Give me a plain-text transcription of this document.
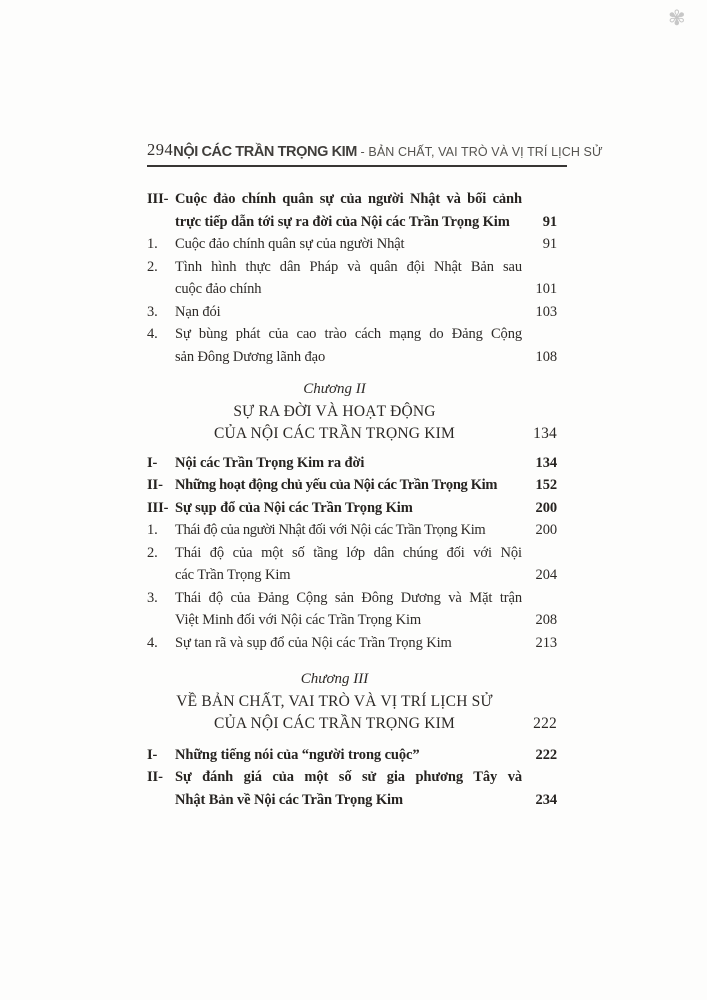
✾
294 NỘI CÁC TRẦN TRỌNG KIM - BẢN CHẤT, VAI TRÒ VÀ VỊ TRÍ LỊCH SỬ
III- Cuộc đảo chính quân sự của người Nhật và bối cảnh
trực tiếp dẫn tới sự ra đời của Nội các Trần Trọng Kim	91
1.	Cuộc đảo chính quân sự của người Nhật	91
2.	Tình hình thực dân Pháp và quân đội Nhật Bản sau
cuộc đảo chính	101
3.	Nạn đói	103
4.	Sự bùng phát của cao trào cách mạng do Đảng Cộng
sản Đông Dương lãnh đạo	108
Chương II
SỰ RA ĐỜI VÀ HOẠT ĐỘNG
CỦA NỘI CÁC TRẦN TRỌNG KIM	134
I-	Nội các Trần Trọng Kim ra đời	134
II- Những hoạt động chủ yếu của Nội các Trần Trọng Kim	152
III- Sự sụp đổ của Nội các Trần Trọng Kim	200
1.	Thái độ của người Nhật đối với Nội các Trần Trọng Kim	200
2.	Thái độ của một số tầng lớp dân chúng đối với Nội
các Trần Trọng Kim	204
3.	Thái độ của Đảng Cộng sản Đông Dương và Mặt trận
Việt Minh đối với Nội các Trần Trọng Kim	208
4.	Sự tan rã và sụp đổ của Nội các Trần Trọng Kim	213
Chương III
VỀ BẢN CHẤT, VAI TRÒ VÀ VỊ TRÍ LỊCH SỬ
CỦA NỘI CÁC TRẦN TRỌNG KIM	222
I-	Những tiếng nói của “người trong cuộc”	222
II- Sự đánh giá của một số sử gia phương Tây và
Nhật Bản về Nội các Trần Trọng Kim	234
